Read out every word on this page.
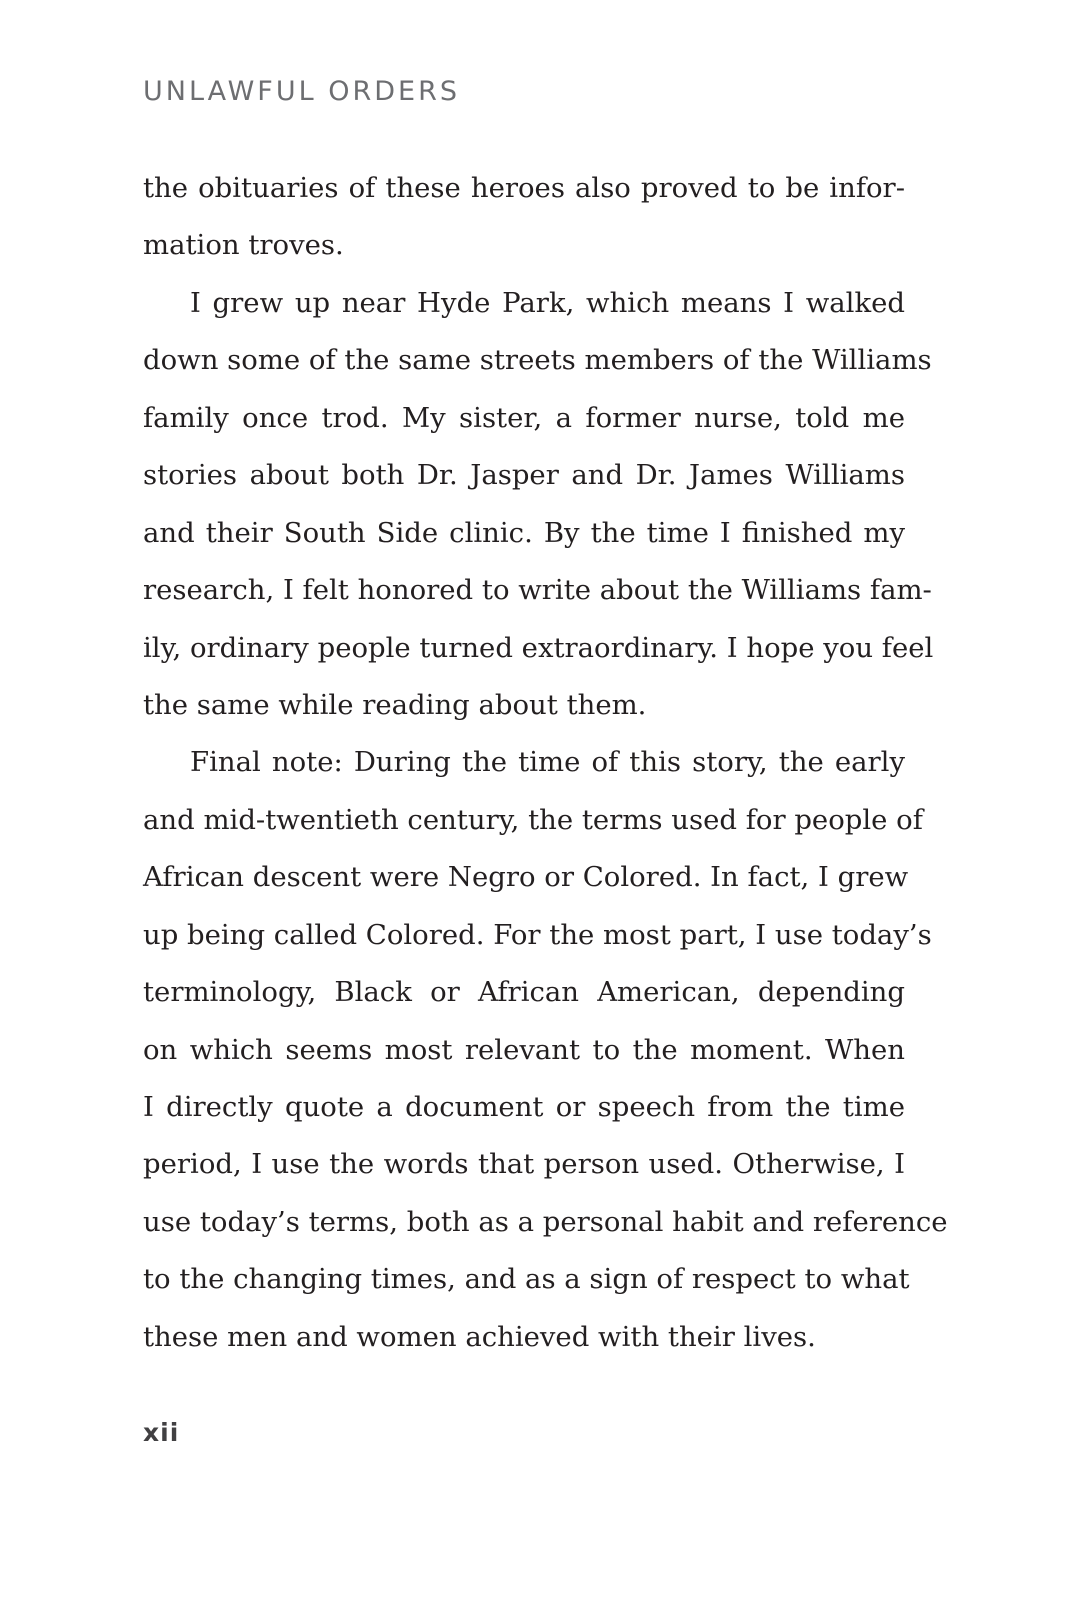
UNLAWFUL ORDERS
the obituaries of these heroes also proved to be infor-
mation troves.
I grew up near Hyde Park, which means I walked
down some of the same streets members of the Williams
family once trod. My sister, a former nurse, told me
stories about both Dr. Jasper and Dr. James Williams
and their South Side clinic. By the time I finished my
research, I felt honored to write about the Williams fam-
ily, ordinary people turned extraordinary. I hope you feel
the same while reading about them.
Final note: During the time of this story, the early
and mid-twentieth century, the terms used for people of
African descent were Negro or Colored. In fact, I grew
up being called Colored. For the most part, I use today’s
terminology, Black or African American, depending
on which seems most relevant to the moment. When
I directly quote a document or speech from the time
period, I use the words that person used. Otherwise, I
use today’s terms, both as a personal habit and reference
to the changing times, and as a sign of respect to what
these men and women achieved with their lives.
xii
